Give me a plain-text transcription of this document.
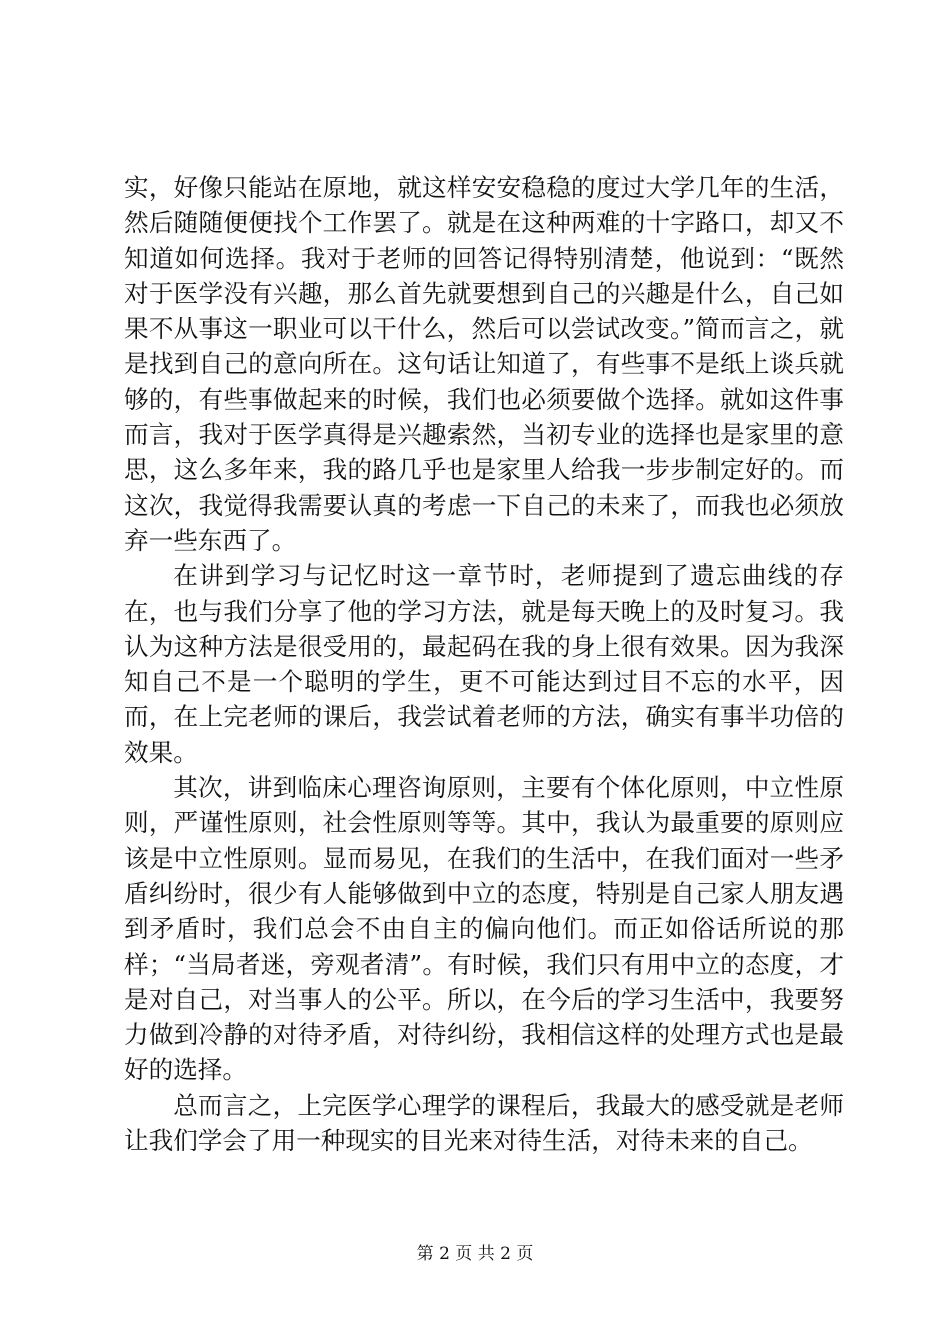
实，好像只能站在原地，就这样安安稳稳的度过大学几年的生活，然后随随便便找个工作罢了。就是在这种两难的十字路口，却又不知道如何选择。我对于老师的回答记得特别清楚，他说到：“既然对于医学没有兴趣，那么首先就要想到自己的兴趣是什么，自己如果不从事这一职业可以干什么，然后可以尝试改变。”简而言之，就是找到自己的意向所在。这句话让知道了，有些事不是纸上谈兵就够的，有些事做起来的时候，我们也必须要做个选择。就如这件事而言，我对于医学真得是兴趣索然，当初专业的选择也是家里的意思，这么多年来，我的路几乎也是家里人给我一步步制定好的。而这次，我觉得我需要认真的考虑一下自己的未来了，而我也必须放弃一些东西了。

在讲到学习与记忆时这一章节时，老师提到了遗忘曲线的存在，也与我们分享了他的学习方法，就是每天晚上的及时复习。我认为这种方法是很受用的，最起码在我的身上很有效果。因为我深知自己不是一个聪明的学生，更不可能达到过目不忘的水平，因而，在上完老师的课后，我尝试着老师的方法，确实有事半功倍的效果。

其次，讲到临床心理咨询原则，主要有个体化原则，中立性原则，严谨性原则，社会性原则等等。其中，我认为最重要的原则应该是中立性原则。显而易见，在我们的生活中，在我们面对一些矛盾纠纷时，很少有人能够做到中立的态度，特别是自己家人朋友遇到矛盾时，我们总会不由自主的偏向他们。而正如俗话所说的那样；“当局者迷，旁观者清”。有时候，我们只有用中立的态度，才是对自己，对当事人的公平。所以，在今后的学习生活中，我要努力做到冷静的对待矛盾，对待纠纷，我相信这样的处理方式也是最好的选择。

总而言之，上完医学心理学的课程后，我最大的感受就是老师让我们学会了用一种现实的目光来对待生活，对待未来的自己。

第 2 页 共 2 页
